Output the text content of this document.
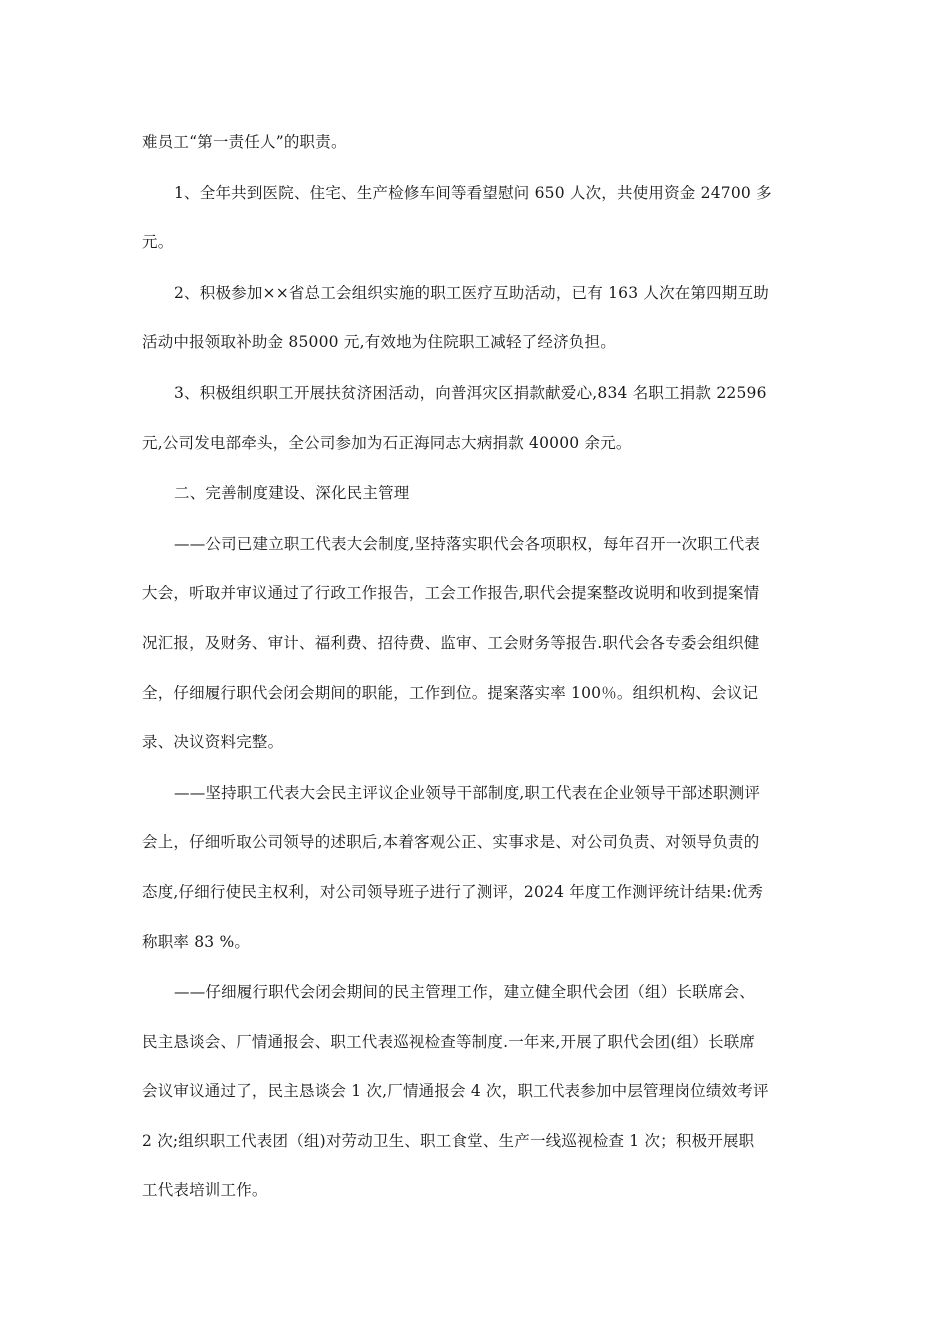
难员工“第一责任人”的职责。

1、全年共到医院、住宅、生产检修车间等看望慰问 650 人次，共使用资金 24700 多
元。

2、积极参加××省总工会组织实施的职工医疗互助活动，已有 163 人次在第四期互助
活动中报领取补助金 85000 元,有效地为住院职工减轻了经济负担。

3、积极组织职工开展扶贫济困活动，向普洱灾区捐款献爱心,834 名职工捐款 22596
元,公司发电部牵头，全公司参加为石正海同志大病捐款 40000 余元。

二、完善制度建设、深化民主管理

——公司已建立职工代表大会制度,坚持落实职代会各项职权，每年召开一次职工代表
大会，听取并审议通过了行政工作报告，工会工作报告,职代会提案整改说明和收到提案情
况汇报，及财务、审计、福利费、招待费、监审、工会财务等报告.职代会各专委会组织健
全，仔细履行职代会闭会期间的职能，工作到位。提案落实率 100％。组织机构、会议记
录、决议资料完整。

——坚持职工代表大会民主评议企业领导干部制度,职工代表在企业领导干部述职测评
会上，仔细听取公司领导的述职后,本着客观公正、实事求是、对公司负责、对领导负责的
态度,仔细行使民主权利，对公司领导班子进行了测评，2024 年度工作测评统计结果:优秀
称职率 83 %。

——仔细履行职代会闭会期间的民主管理工作，建立健全职代会团（组）长联席会、
民主恳谈会、厂情通报会、职工代表巡视检查等制度.一年来,开展了职代会团(组）长联席
会议审议通过了，民主恳谈会 1 次,厂情通报会 4 次，职工代表参加中层管理岗位绩效考评
2 次;组织职工代表团（组)对劳动卫生、职工食堂、生产一线巡视检查 1 次；积极开展职
工代表培训工作。
